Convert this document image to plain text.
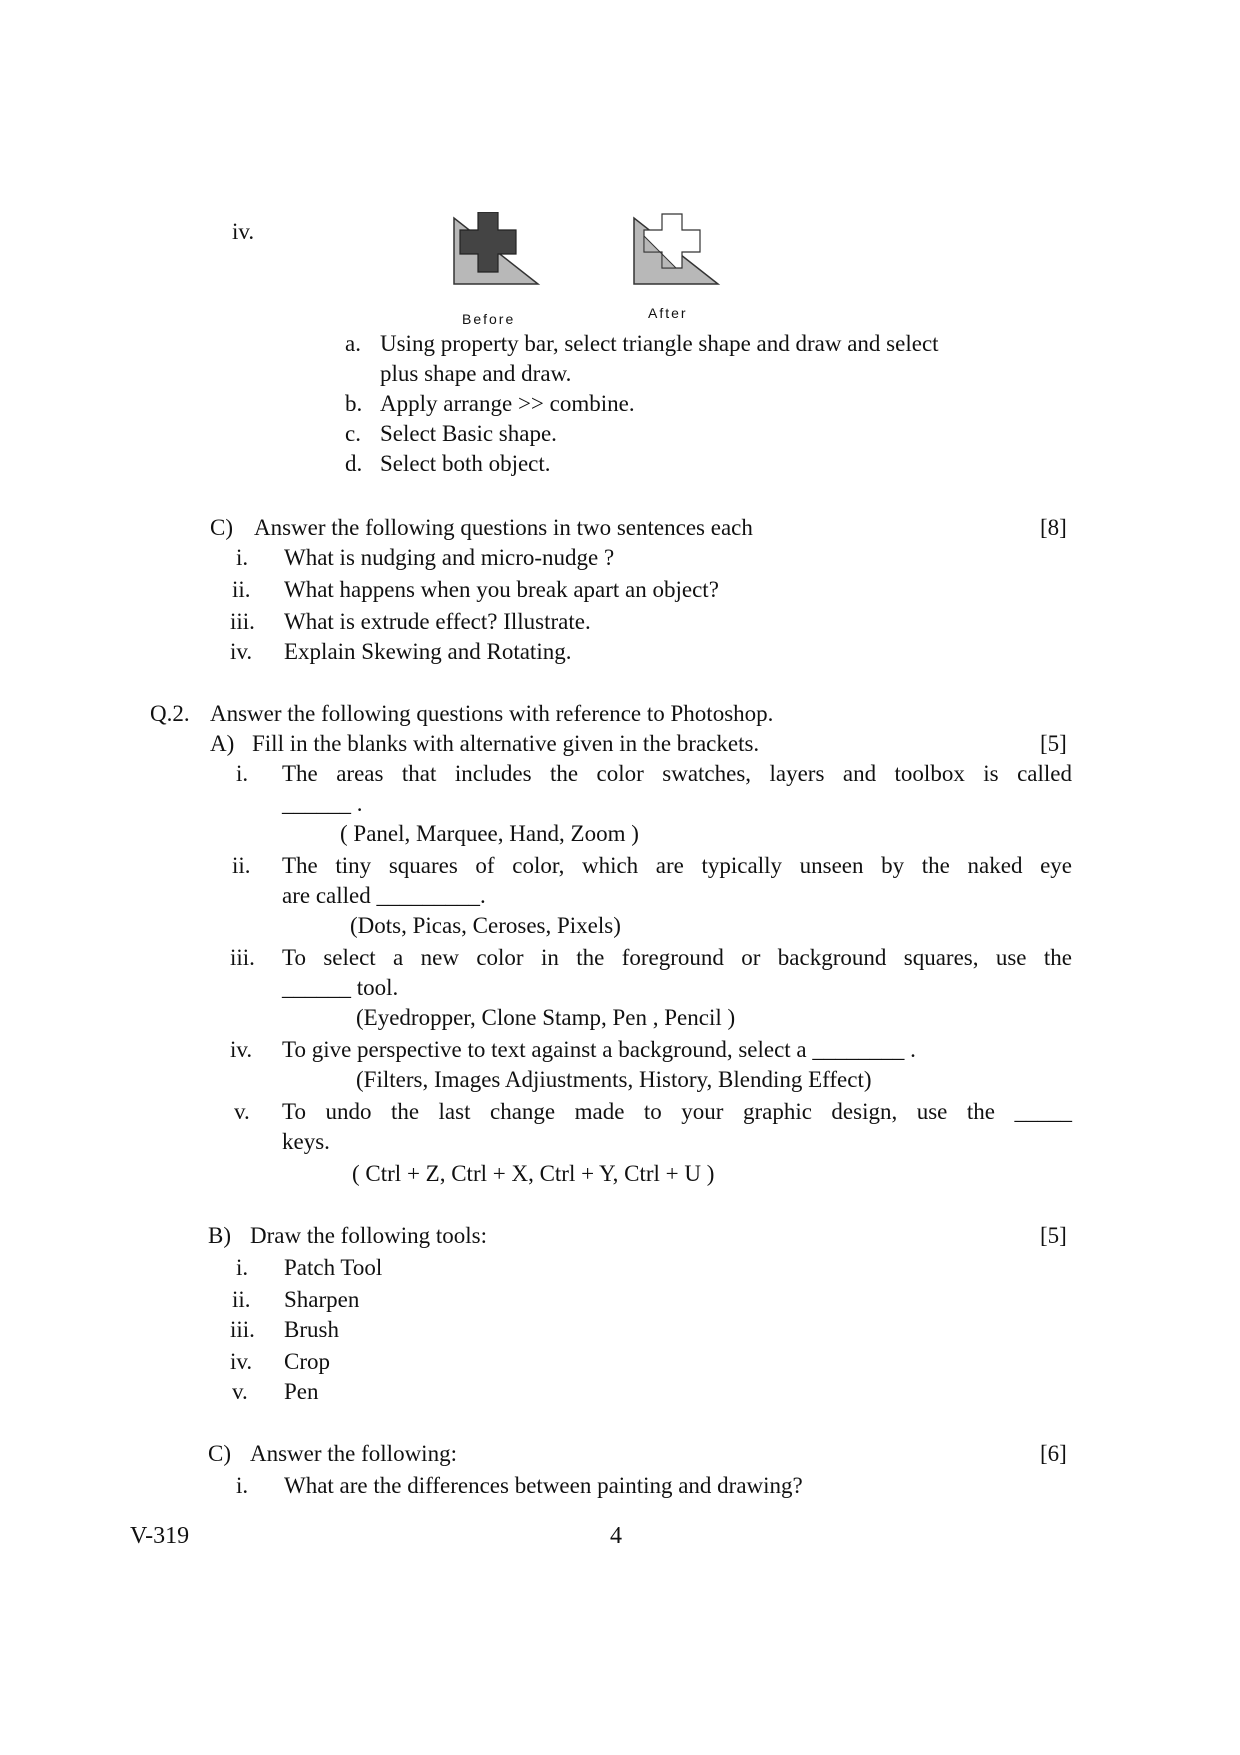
iv.
Before	After
a. Using property bar, select triangle shape and draw and select
plus shape and draw.
b. Apply arrange >> combine.
c. Select Basic shape.
d. Select both object.
C) Answer the following questions in two sentences each	[8]
i. What is nudging and micro-nudge ?
ii. What happens when you break apart an object?
iii. What is extrude effect? Illustrate.
iv. Explain Skewing and Rotating.
Q.2. Answer the following questions with reference to Photoshop.
A) Fill in the blanks with alternative given in the brackets.	[5]
i. The areas that includes the color swatches, layers and toolbox is called
______ .
( Panel, Marquee, Hand, Zoom )
ii. The tiny squares of color, which are typically unseen by the naked eye
are called _________.
(Dots, Picas, Ceroses, Pixels)
iii. To select a new color in the foreground or background squares, use the
______ tool.
(Eyedropper, Clone Stamp, Pen , Pencil )
iv. To give perspective to text against a background, select a ________ .
(Filters, Images Adjiustments, History, Blending Effect)
v. To undo the last change made to your graphic design, use the _____
keys.
( Ctrl + Z, Ctrl + X, Ctrl + Y, Ctrl + U )
B) Draw the following tools:	[5]
i. Patch Tool
ii. Sharpen
iii. Brush
iv. Crop
v. Pen
C) Answer the following:	[6]
i. What are the differences between painting and drawing?
V-319	4
